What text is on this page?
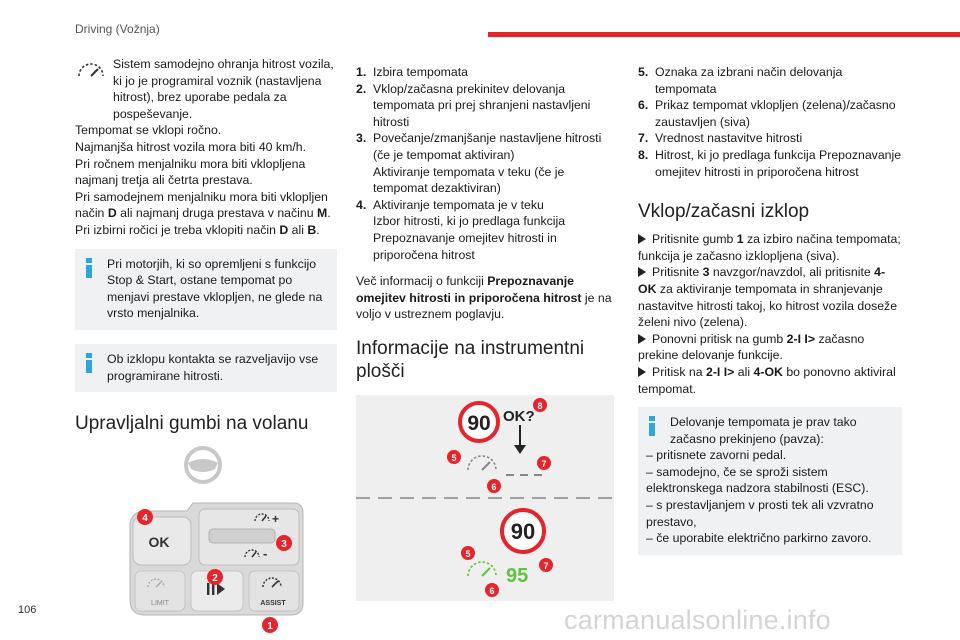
Driving (Vožnja)

Sistem samodejno ohranja hitrost vozila, ki jo je programiral voznik (nastavljena hitrost), brez uporabe pedala za pospeševanje.

Tempomat se vklopi ročno.

Najmanjša hitrost vozila mora biti 40 km/h.

Pri ročnem menjalniku mora biti vklopljena najmanj tretja ali četrta prestava.

Pri samodejnem menjalniku mora biti vklopljen način D ali najmanj druga prestava v načinu M.

Pri izbirni ročici je treba vklopiti način D ali B.

Pri motorjih, ki so opremljeni s funkcijo Stop & Start, ostane tempomat po menjavi prestave vklopljen, ne glede na vrsto menjalnika.

Ob izklopu kontakta se razveljavijo vse programirane hitrosti.

Upravljalni gumbi na volanu
OK
+
-
LIMIT	ASSIST
4
3
2
1
1. Izbira tempomata
2. Vklop/začasna prekinitev delovanja tempomata pri prej shranjeni nastavljeni hitrosti
3. Povečanje/zmanjšanje nastavljene hitrosti (če je tempomat aktiviran)
Aktiviranje tempomata v teku (če je tempomat dezaktiviran)
4. Aktiviranje tempomata je v teku
Izbor hitrosti, ki jo predlaga funkcija Prepoznavanje omejitev hitrosti in priporočena hitrost

Več informacij o funkciji Prepoznavanje omejitev hitrosti in priporočena hitrost je na voljo v ustreznem poglavju.

Informacije na instrumentni plošči
90 OK?
90
95
8
5
7
6
5
7
6
5. Oznaka za izbrani način delovanja tempomata
6. Prikaz tempomat vklopljen (zelena)/začasno zaustavljen (siva)
7. Vrednost nastavitve hitrosti
8. Hitrost, ki jo predlaga funkcija Prepoznavanje omejitev hitrosti in priporočena hitrost
Vklop/začasni izklop

Pritisnite gumb 1 za izbiro načina tempomata; funkcija je začasno izklopljena (siva).

Pritisnite 3 navzgor/navzdol, ali pritisnite 4-OK za aktiviranje tempomata in shranjevanje nastavitve hitrosti takoj, ko hitrost vozila doseže želeni nivo (zelena).

Ponovni pritisk na gumb 2-I I> začasno prekine delovanje funkcije.

Pritisk na 2-I I> ali 4-OK bo ponovno aktiviral tempomat.

Delovanje tempomata je prav tako začasno prekinjeno (pavza):

– pritisnete zavorni pedal.

– samodejno, če se sproži sistem elektronskega nadzora stabilnosti (ESC).

– s prestavljanjem v prosti tek ali vzvratno prestavo,

– če uporabite električno parkirno zavoro.

106	carmanualsonline.info
